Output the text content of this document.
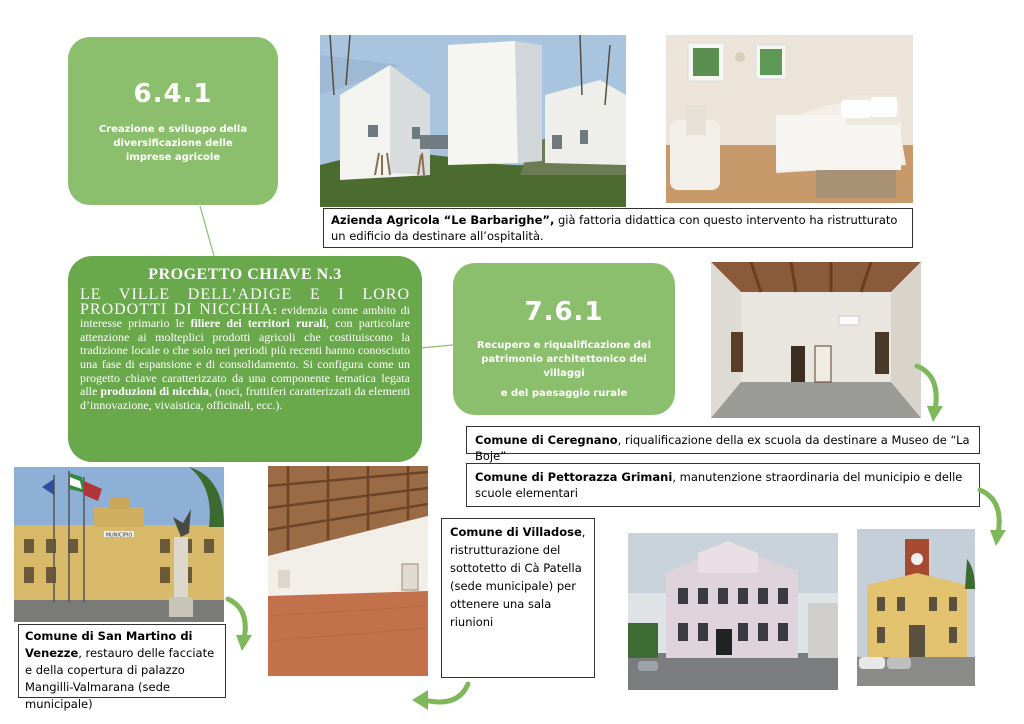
6.4.1
Creazione e sviluppo della diversificazione delle imprese agricole
7.6.1
Recupero e riqualificazione del patrimonio architettonico dei villaggi
e del paesaggio rurale
PROGETTO CHIAVE N.3
LE VILLE DELL’ADIGE E I LORO PRODOTTI DI NICCHIA: evidenzia come ambito di interesse primario le filiere dei territori rurali, con particolare attenzione ai molteplici prodotti agricoli che costituiscono la tradizione locale o che solo nei periodi più recenti hanno conosciuto una fase di espansione e di consolidamento. Si configura come un progetto chiave caratterizzato da una componente tematica legata alle produzioni di nicchia, (noci, fruttiferi caratterizzati da elementi d’innovazione, vivaistica, officinali, ecc.).
Azienda Agricola “Le Barbarighe”, già fattoria didattica con questo intervento ha ristrutturato un edificio da destinare all’ospitalità.
Comune di Ceregnano, riqualificazione della ex scuola da destinare a Museo de “La Boje”
Comune di Pettorazza Grimani, manutenzione straordinaria del municipio e delle scuole elementari
MUNICIPIO
Comune di San Martino di Venezze, restauro delle facciate e della copertura di palazzo Mangilli-Valmarana (sede municipale)
Comune di Villadose, ristrutturazione del sottotetto di Cà Patella (sede municipale) per ottenere una sala riunioni
